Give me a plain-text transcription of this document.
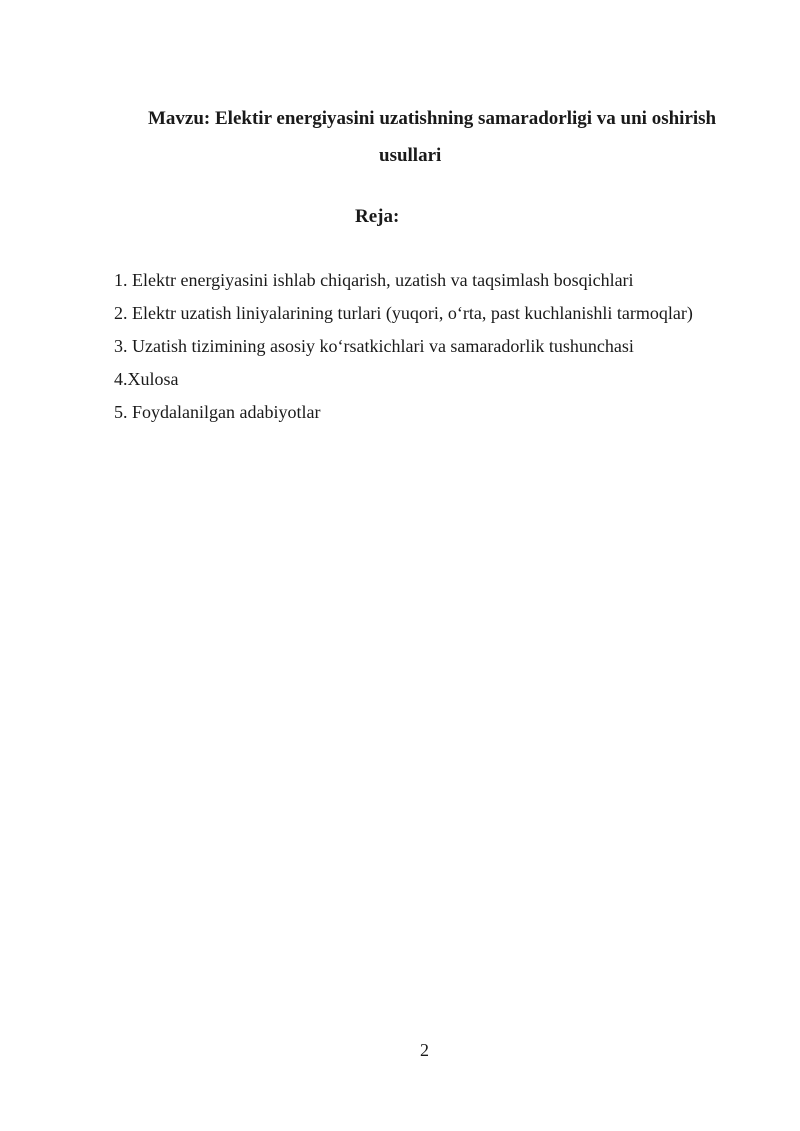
Mavzu: Elektir energiyasini uzatishning samaradorligi va uni oshirish
usullari
Reja:
1. Elektr energiyasini ishlab chiqarish, uzatish va taqsimlash bosqichlari
2. Elektr uzatish liniyalarining turlari (yuqori, o‘rta, past kuchlanishli tarmoqlar)
3. Uzatish tizimining asosiy ko‘rsatkichlari va samaradorlik tushunchasi
4.Xulosa
5. Foydalanilgan adabiyotlar
2
